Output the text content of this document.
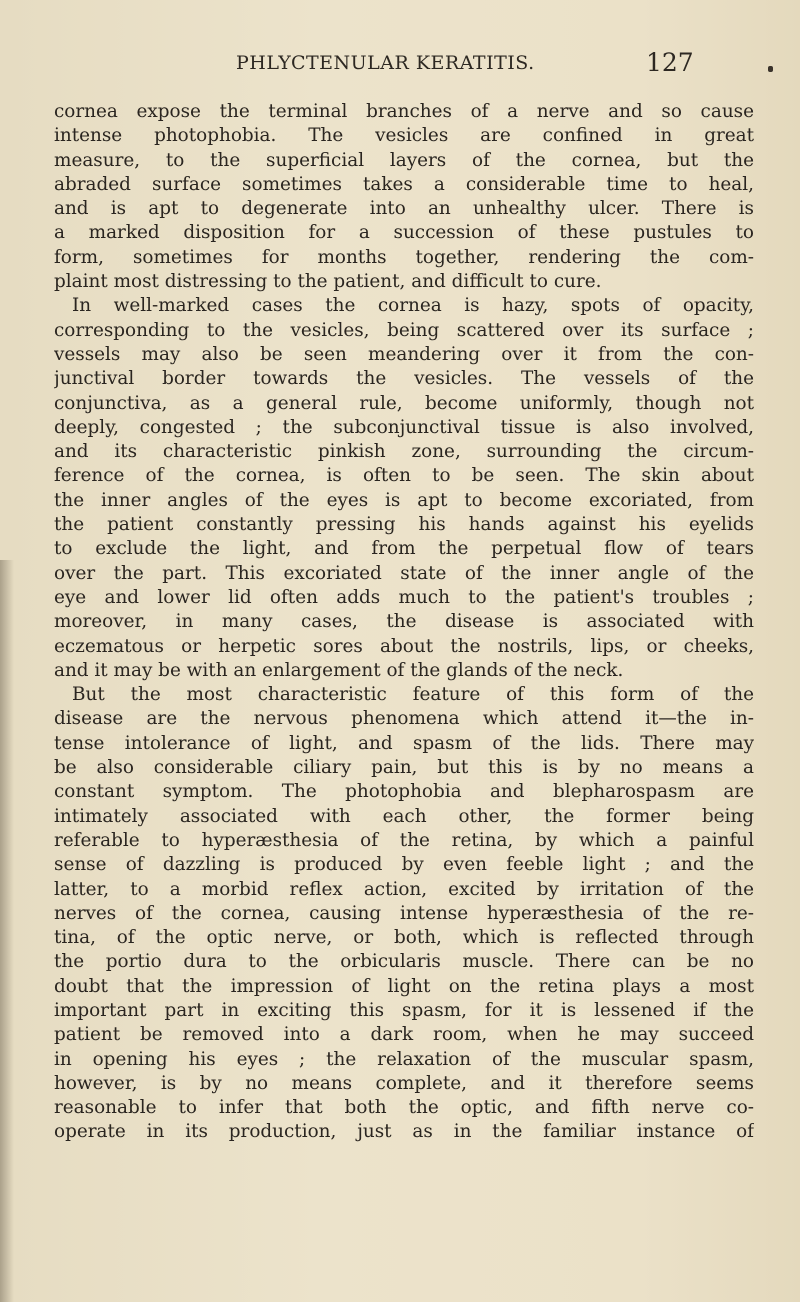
PHLYCTENULAR KERATITIS.	127
cornea expose the terminal branches of a nerve and so cause
intense photophobia. The vesicles are confined in great
measure, to the superficial layers of the cornea, but the
abraded surface sometimes takes a considerable time to heal,
and is apt to degenerate into an unhealthy ulcer. There is
a marked disposition for a succession of these pustules to
form, sometimes for months together, rendering the com-
plaint most distressing to the patient, and difficult to cure.
In well-marked cases the cornea is hazy, spots of opacity,
corresponding to the vesicles, being scattered over its surface ;
vessels may also be seen meandering over it from the con-
junctival border towards the vesicles. The vessels of the
conjunctiva, as a general rule, become uniformly, though not
deeply, congested ; the subconjunctival tissue is also involved,
and its characteristic pinkish zone, surrounding the circum-
ference of the cornea, is often to be seen. The skin about
the inner angles of the eyes is apt to become excoriated, from
the patient constantly pressing his hands against his eyelids
to exclude the light, and from the perpetual flow of tears
over the part. This excoriated state of the inner angle of the
eye and lower lid often adds much to the patient's troubles ;
moreover, in many cases, the disease is associated with
eczematous or herpetic sores about the nostrils, lips, or cheeks,
and it may be with an enlargement of the glands of the neck.
But the most characteristic feature of this form of the
disease are the nervous phenomena which attend it—the in-
tense intolerance of light, and spasm of the lids. There may
be also considerable ciliary pain, but this is by no means a
constant symptom. The photophobia and blepharospasm are
intimately associated with each other, the former being
referable to hyperæsthesia of the retina, by which a painful
sense of dazzling is produced by even feeble light ; and the
latter, to a morbid reflex action, excited by irritation of the
nerves of the cornea, causing intense hyperæsthesia of the re-
tina, of the optic nerve, or both, which is reflected through
the portio dura to the orbicularis muscle. There can be no
doubt that the impression of light on the retina plays a most
important part in exciting this spasm, for it is lessened if the
patient be removed into a dark room, when he may succeed
in opening his eyes ; the relaxation of the muscular spasm,
however, is by no means complete, and it therefore seems
reasonable to infer that both the optic, and fifth nerve co-
operate in its production, just as in the familiar instance of
